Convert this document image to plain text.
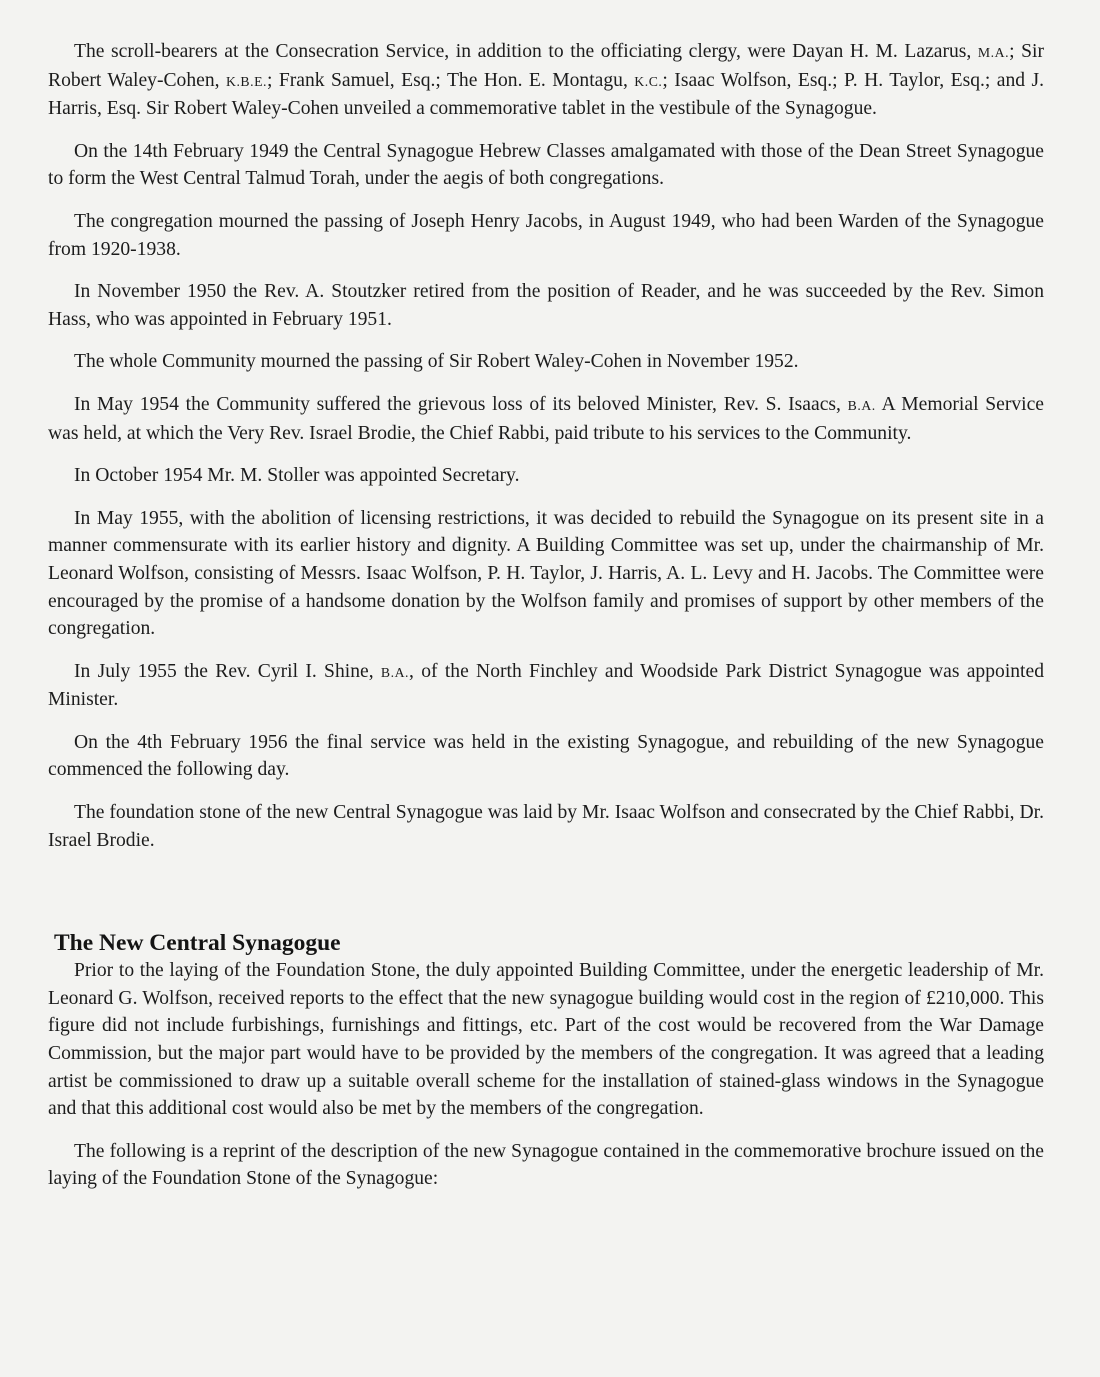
The scroll-bearers at the Consecration Service, in addition to the officiating clergy, were Dayan H. M. Lazarus, M.A.; Sir Robert Waley-Cohen, K.B.E.; Frank Samuel, Esq.; The Hon. E. Montagu, K.C.; Isaac Wolfson, Esq.; P. H. Taylor, Esq.; and J. Harris, Esq. Sir Robert Waley-Cohen unveiled a commemorative tablet in the vestibule of the Synagogue.

On the 14th February 1949 the Central Synagogue Hebrew Classes amalgamated with those of the Dean Street Synagogue to form the West Central Talmud Torah, under the aegis of both congregations.

The congregation mourned the passing of Joseph Henry Jacobs, in August 1949, who had been Warden of the Synagogue from 1920-1938.

In November 1950 the Rev. A. Stoutzker retired from the position of Reader, and he was succeeded by the Rev. Simon Hass, who was appointed in February 1951.

The whole Community mourned the passing of Sir Robert Waley-Cohen in November 1952.

In May 1954 the Community suffered the grievous loss of its beloved Minister, Rev. S. Isaacs, B.A. A Memorial Service was held, at which the Very Rev. Israel Brodie, the Chief Rabbi, paid tribute to his services to the Community.

In October 1954 Mr. M. Stoller was appointed Secretary.

In May 1955, with the abolition of licensing restrictions, it was decided to rebuild the Synagogue on its present site in a manner commensurate with its earlier history and dignity. A Building Committee was set up, under the chairmanship of Mr. Leonard Wolfson, consisting of Messrs. Isaac Wolfson, P. H. Taylor, J. Harris, A. L. Levy and H. Jacobs. The Committee were encouraged by the promise of a handsome donation by the Wolfson family and promises of support by other members of the congregation.

In July 1955 the Rev. Cyril I. Shine, B.A., of the North Finchley and Woodside Park District Synagogue was appointed Minister.

On the 4th February 1956 the final service was held in the existing Synagogue, and rebuilding of the new Synagogue commenced the following day.

The foundation stone of the new Central Synagogue was laid by Mr. Isaac Wolfson and consecrated by the Chief Rabbi, Dr. Israel Brodie.

The New Central Synagogue

Prior to the laying of the Foundation Stone, the duly appointed Building Committee, under the energetic leadership of Mr. Leonard G. Wolfson, received reports to the effect that the new synagogue building would cost in the region of £210,000. This figure did not include furbishings, furnishings and fittings, etc. Part of the cost would be recovered from the War Damage Commission, but the major part would have to be provided by the members of the congregation. It was agreed that a leading artist be commissioned to draw up a suitable overall scheme for the installation of stained-glass windows in the Synagogue and that this additional cost would also be met by the members of the congregation.

The following is a reprint of the description of the new Synagogue contained in the commemorative brochure issued on the laying of the Foundation Stone of the Synagogue:
